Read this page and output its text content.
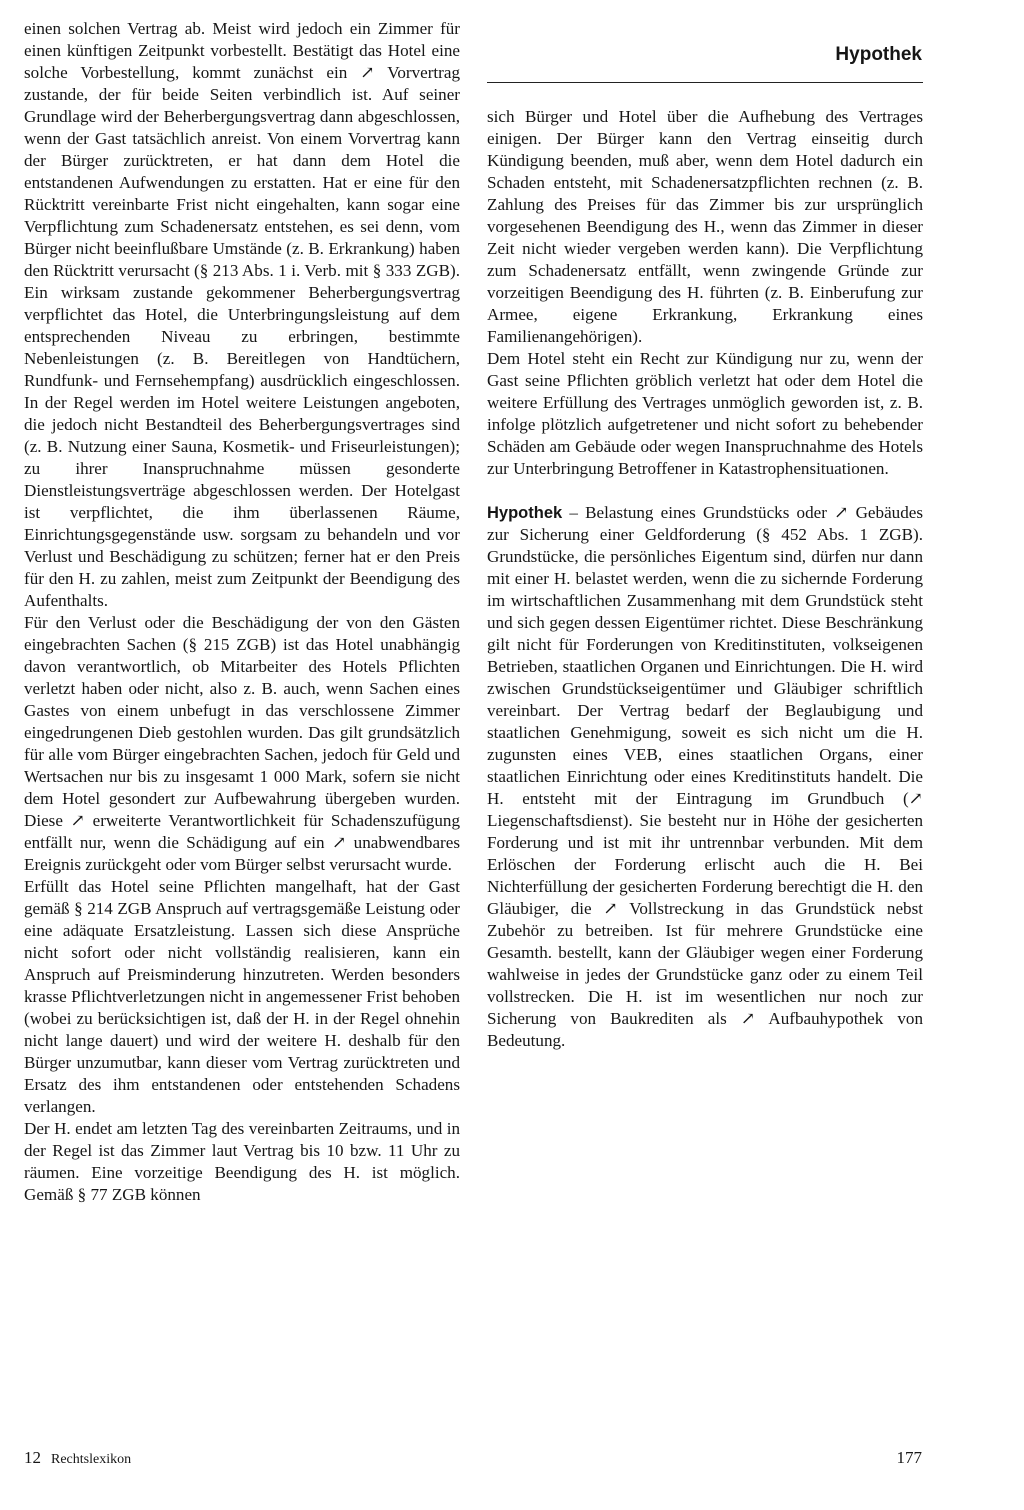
Hypothek

einen solchen Vertrag ab. Meist wird jedoch ein Zimmer für einen künftigen Zeitpunkt vorbestellt. Bestätigt das Hotel eine solche Vorbestellung, kommt zunächst ein ↗ Vorvertrag zustande, der für beide Seiten verbindlich ist. Auf seiner Grundlage wird der Beherbergungsvertrag dann abgeschlossen, wenn der Gast tatsächlich anreist. Von einem Vorvertrag kann der Bürger zurücktreten, er hat dann dem Hotel die entstandenen Aufwendungen zu erstatten. Hat er eine für den Rücktritt vereinbarte Frist nicht eingehalten, kann sogar eine Verpflichtung zum Schadenersatz entstehen, es sei denn, vom Bürger nicht beeinflußbare Umstände (z. B. Erkrankung) haben den Rücktritt verursacht (§ 213 Abs. 1 i. Verb. mit § 333 ZGB). Ein wirksam zustande gekommener Beherbergungsvertrag verpflichtet das Hotel, die Unterbringungsleistung auf dem entsprechenden Niveau zu erbringen, bestimmte Nebenleistungen (z. B. Bereitlegen von Handtüchern, Rundfunk- und Fernsehempfang) ausdrücklich eingeschlossen. In der Regel werden im Hotel weitere Leistungen angeboten, die jedoch nicht Bestandteil des Beherbergungsvertrages sind (z. B. Nutzung einer Sauna, Kosmetik- und Friseurleistungen); zu ihrer Inanspruchnahme müssen gesonderte Dienstleistungsverträge abgeschlossen werden. Der Hotelgast ist verpflichtet, die ihm überlassenen Räume, Einrichtungsgegenstände usw. sorgsam zu behandeln und vor Verlust und Beschädigung zu schützen; ferner hat er den Preis für den H. zu zahlen, meist zum Zeitpunkt der Beendigung des Aufenthalts.

Für den Verlust oder die Beschädigung der von den Gästen eingebrachten Sachen (§ 215 ZGB) ist das Hotel unabhängig davon verantwortlich, ob Mitarbeiter des Hotels Pflichten verletzt haben oder nicht, also z. B. auch, wenn Sachen eines Gastes von einem unbefugt in das verschlossene Zimmer eingedrungenen Dieb gestohlen wurden. Das gilt grundsätzlich für alle vom Bürger eingebrachten Sachen, jedoch für Geld und Wertsachen nur bis zu insgesamt 1 000 Mark, sofern sie nicht dem Hotel gesondert zur Aufbewahrung übergeben wurden. Diese ↗ erweiterte Verantwortlichkeit für Schadenszufügung entfällt nur, wenn die Schädigung auf ein ↗ unabwendbares Ereignis zurückgeht oder vom Bürger selbst verursacht wurde.

Erfüllt das Hotel seine Pflichten mangelhaft, hat der Gast gemäß § 214 ZGB Anspruch auf vertragsgemäße Leistung oder eine adäquate Ersatzleistung. Lassen sich diese Ansprüche nicht sofort oder nicht vollständig realisieren, kann ein Anspruch auf Preisminderung hinzutreten. Werden besonders krasse Pflichtverletzungen nicht in angemessener Frist behoben (wobei zu berücksichtigen ist, daß der H. in der Regel ohnehin nicht lange dauert) und wird der weitere H. deshalb für den Bürger unzumutbar, kann dieser vom Vertrag zurücktreten und Ersatz des ihm entstandenen oder entstehenden Schadens verlangen.

Der H. endet am letzten Tag des vereinbarten Zeitraums, und in der Regel ist das Zimmer laut Vertrag bis 10 bzw. 11 Uhr zu räumen. Eine vorzeitige Beendigung des H. ist möglich. Gemäß § 77 ZGB können

sich Bürger und Hotel über die Aufhebung des Vertrages einigen. Der Bürger kann den Vertrag einseitig durch Kündigung beenden, muß aber, wenn dem Hotel dadurch ein Schaden entsteht, mit Schadenersatzpflichten rechnen (z. B. Zahlung des Preises für das Zimmer bis zur ursprünglich vorgesehenen Beendigung des H., wenn das Zimmer in dieser Zeit nicht wieder vergeben werden kann). Die Verpflichtung zum Schadenersatz entfällt, wenn zwingende Gründe zur vorzeitigen Beendigung des H. führten (z. B. Einberufung zur Armee, eigene Erkrankung, Erkrankung eines Familienangehörigen).

Dem Hotel steht ein Recht zur Kündigung nur zu, wenn der Gast seine Pflichten gröblich verletzt hat oder dem Hotel die weitere Erfüllung des Vertrages unmöglich geworden ist, z. B. infolge plötzlich aufgetretener und nicht sofort zu behebender Schäden am Gebäude oder wegen Inanspruchnahme des Hotels zur Unterbringung Betroffener in Katastrophensituationen.

Hypothek – Belastung eines Grundstücks oder ↗ Gebäudes zur Sicherung einer Geldforderung (§ 452 Abs. 1 ZGB). Grundstücke, die persönliches Eigentum sind, dürfen nur dann mit einer H. belastet werden, wenn die zu sichernde Forderung im wirtschaftlichen Zusammenhang mit dem Grundstück steht und sich gegen dessen Eigentümer richtet. Diese Beschränkung gilt nicht für Forderungen von Kreditinstituten, volkseigenen Betrieben, staatlichen Organen und Einrichtungen. Die H. wird zwischen Grundstückseigentümer und Gläubiger schriftlich vereinbart. Der Vertrag bedarf der Beglaubigung und staatlichen Genehmigung, soweit es sich nicht um die H. zugunsten eines VEB, eines staatlichen Organs, einer staatlichen Einrichtung oder eines Kreditinstituts handelt. Die H. entsteht mit der Eintragung im Grundbuch (↗ Liegenschaftsdienst). Sie besteht nur in Höhe der gesicherten Forderung und ist mit ihr untrennbar verbunden. Mit dem Erlöschen der Forderung erlischt auch die H. Bei Nichterfüllung der gesicherten Forderung berechtigt die H. den Gläubiger, die ↗ Vollstreckung in das Grundstück nebst Zubehör zu betreiben. Ist für mehrere Grundstücke eine Gesamth. bestellt, kann der Gläubiger wegen einer Forderung wahlweise in jedes der Grundstücke ganz oder zu einem Teil vollstrecken. Die H. ist im wesentlichen nur noch zur Sicherung von Baukrediten als ↗ Aufbauhypothek von Bedeutung.

12 Rechtslexikon	177
